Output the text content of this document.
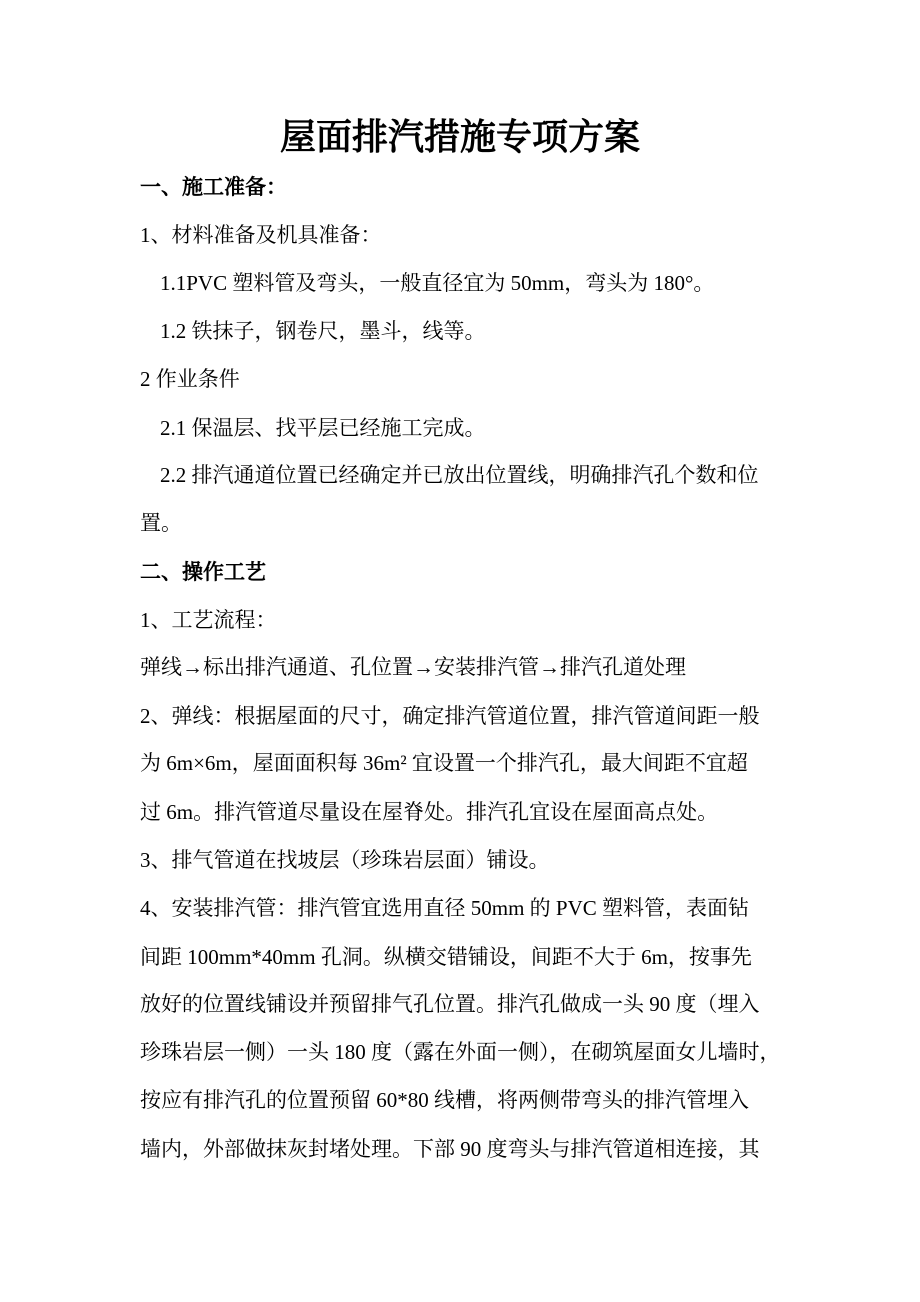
屋面排汽措施专项方案
一、施工准备：
1、材料准备及机具准备：
1.1PVC 塑料管及弯头，一般直径宜为 50mm，弯头为 180°。
1.2 铁抹子，钢卷尺，墨斗，线等。
2 作业条件
2.1 保温层、找平层已经施工完成。
2.2 排汽通道位置已经确定并已放出位置线，明确排汽孔个数和位
置。
二、操作工艺
1、工艺流程：
弹线→标出排汽通道、孔位置→安装排汽管→排汽孔道处理
2、弹线：根据屋面的尺寸，确定排汽管道位置，排汽管道间距一般
为 6m×6m，屋面面积每 36m² 宜设置一个排汽孔，最大间距不宜超
过 6m。排汽管道尽量设在屋脊处。排汽孔宜设在屋面高点处。
3、排气管道在找坡层（珍珠岩层面）铺设。
4、安装排汽管：排汽管宜选用直径 50mm 的 PVC 塑料管，表面钻
间距 100mm*40mm 孔洞。纵横交错铺设，间距不大于 6m，按事先
放好的位置线铺设并预留排气孔位置。排汽孔做成一头 90 度（埋入
珍珠岩层一侧）一头 180 度（露在外面一侧），在砌筑屋面女儿墙时，
按应有排汽孔的位置预留 60*80 线槽，将两侧带弯头的排汽管埋入
墙内，外部做抹灰封堵处理。下部 90 度弯头与排汽管道相连接，其
